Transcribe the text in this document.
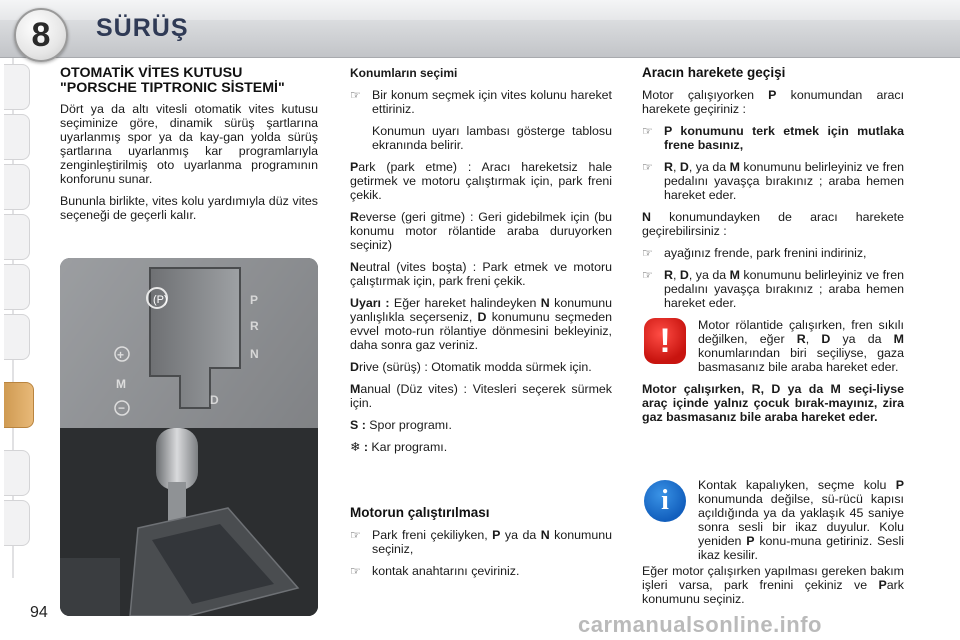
8 SÜRÜŞ
OTOMATİK VİTES KUTUSU "PORSCHE TIPTRONIC SİSTEMİ"

Dört ya da altı vitesli otomatik vites kutusu seçiminize göre, dinamik sürüş şartlarına uyarlanmış spor ya da kay-gan yolda sürüş şartlarına uyarlanmış kar programlarıyla zenginleştirilmiş oto uyarlanma programının konforunu sunar.

Bununla birlikte, vites kolu yardımıyla düz vites seçeneği de geçerli kalır.

(P)	P
R
N
+
M
−
D
Konumların seçimi
☞ Bir konum seçmek için vites kolunu hareket ettiriniz.

Konumun uyarı lambası gösterge tablosu ekranında belirir.

Park (park etme) : Aracı hareketsiz hale getirmek ve motoru çalıştırmak için, park freni çekik.

Reverse (geri gitme) : Geri gidebilmek için (bu konumu motor rölantide araba duruyorken seçiniz)

Neutral (vites boşta) : Park etmek ve motoru çalıştırmak için, park freni çekik.

Uyarı : Eğer hareket halindeyken N konumunu yanlışlıkla seçerseniz, D konumunu seçmeden evvel moto-run rölantiye dönmesini bekleyiniz, daha sonra gaz veriniz.

Drive (sürüş) : Otomatik modda sürmek için.

Manual (Düz vites) : Vitesleri seçerek sürmek için.

S : Spor programı.

❄ : Kar programı.

Motorun çalıştırılması
☞ Park freni çekiliyken, P ya da N konumunu seçiniz,
☞ kontak anahtarını çeviriniz.
Aracın harekete geçişi

Motor çalışıyorken P konumundan aracı harekete geçiriniz :

☞ P konumunu terk etmek için mutlaka frene basınız,
☞ R, D, ya da M konumunu belirleyiniz ve fren pedalını yavaşça bırakınız ; araba hemen hareket eder.

N konumundayken de aracı harekete geçirebilirsiniz :

☞ ayağınız frende, park frenini indiriniz,
☞ R, D, ya da M konumunu belirleyiniz ve fren pedalını yavaşça bırakınız ; araba hemen hareket eder.
! Motor rölantide çalışırken, fren sıkılı değilken, eğer R, D ya da M konumlarından biri seçiliyse, gaza basmasanız bile araba hareket eder.

Motor çalışırken, R, D ya da M seçi-liyse araç içinde yalnız çocuk bırak-mayınız, zira gaz basmasanız bile araba hareket eder.

i Kontak kapalıyken, seçme kolu P konumunda değilse, sü-rücü kapısı açıldığında ya da yaklaşık 45 saniye sonra sesli bir ikaz duyulur. Kolu yeniden P konu-muna getiriniz. Sesli ikaz kesilir.

Eğer motor çalışırken yapılması gereken bakım işleri varsa, park frenini çekiniz ve Park konumunu seçiniz.

94	carmanualsonline.info
